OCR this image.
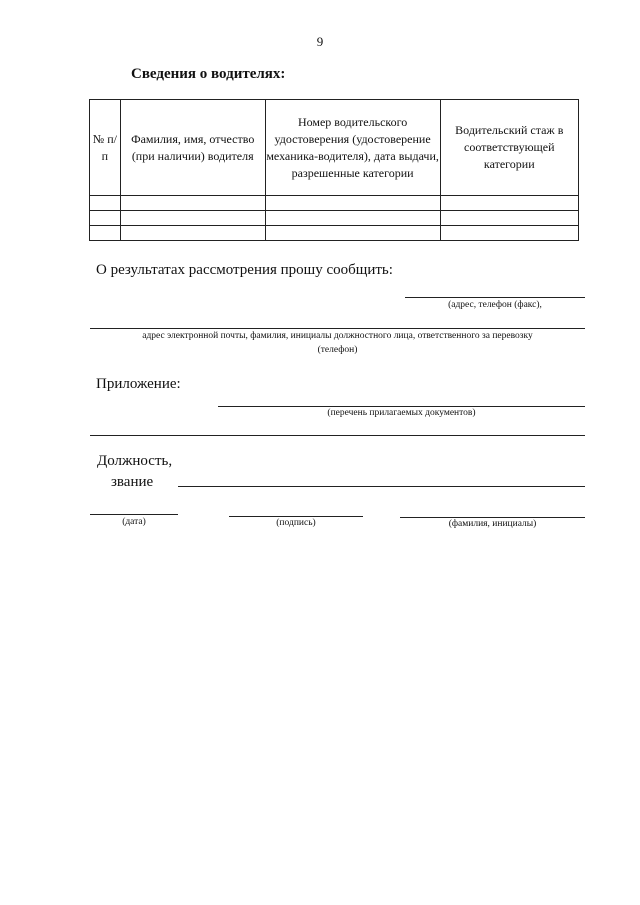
9
Сведения о водителях:
№ п/п	Фамилия, имя, отчество (при наличии) водителя	Номер водительского удостоверения (удостоверение механика-водителя), дата выдачи, разрешенные категории	Водительский стаж в соответствующей категории

О результатах рассмотрения прошу сообщить:
(адрес, телефон (факс),
адрес электронной почты, фамилия, инициалы должностного лица, ответственного за перевозку
(телефон)
Приложение:
(перечень прилагаемых документов)
Должность,
звание
(дата)	(подпись)	(фамилия, инициалы)
